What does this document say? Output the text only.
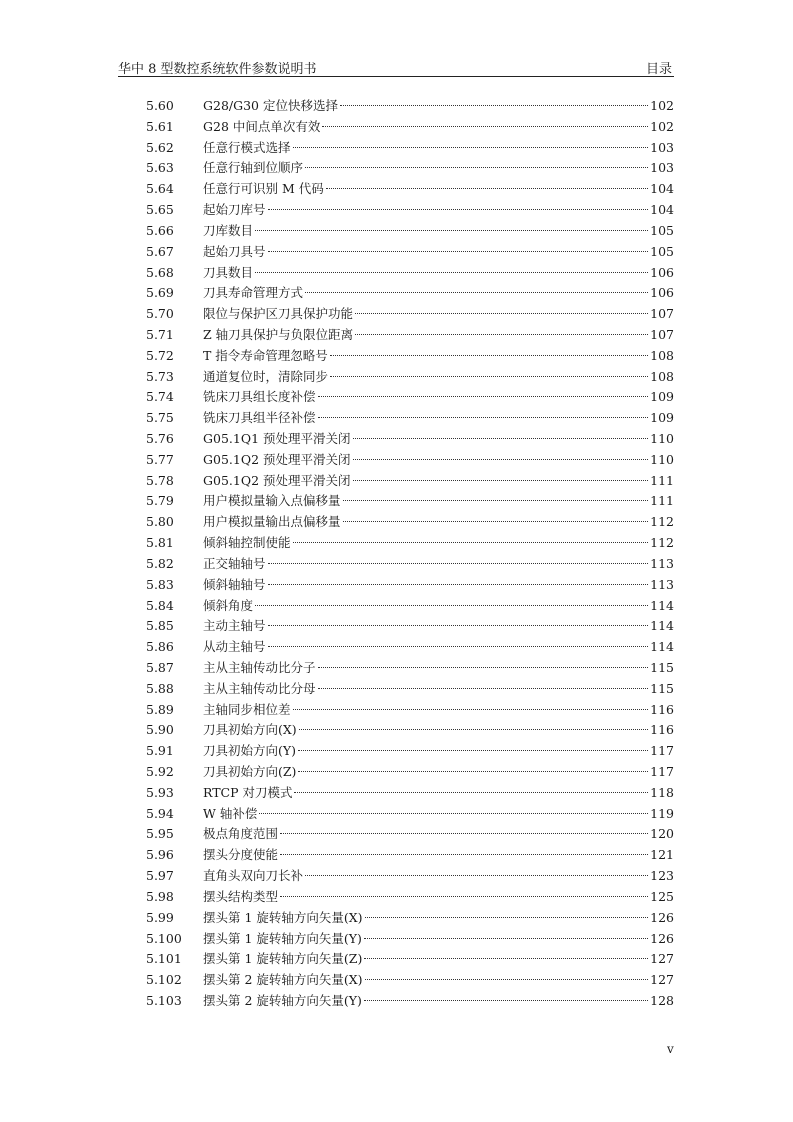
华中 8 型数控系统软件参数说明书	目录
5.60	G28/G30 定位快移选择	102
5.61	G28 中间点单次有效	102
5.62	任意行模式选择	103
5.63	任意行轴到位顺序	103
5.64	任意行可识别 M 代码	104
5.65	起始刀库号	104
5.66	刀库数目	105
5.67	起始刀具号	105
5.68	刀具数目	106
5.69	刀具寿命管理方式	106
5.70	限位与保护区刀具保护功能	107
5.71	Z 轴刀具保护与负限位距离	107
5.72	T 指令寿命管理忽略号	108
5.73	通道复位时，清除同步	108
5.74	铣床刀具组长度补偿	109
5.75	铣床刀具组半径补偿	109
5.76	G05.1Q1 预处理平滑关闭	110
5.77	G05.1Q2 预处理平滑关闭	110
5.78	G05.1Q2 预处理平滑关闭	111
5.79	用户模拟量输入点偏移量	111
5.80	用户模拟量输出点偏移量	112
5.81	倾斜轴控制使能	112
5.82	正交轴轴号	113
5.83	倾斜轴轴号	113
5.84	倾斜角度	114
5.85	主动主轴号	114
5.86	从动主轴号	114
5.87	主从主轴传动比分子	115
5.88	主从主轴传动比分母	115
5.89	主轴同步相位差	116
5.90	刀具初始方向(X)	116
5.91	刀具初始方向(Y)	117
5.92	刀具初始方向(Z)	117
5.93	RTCP 对刀模式	118
5.94	W 轴补偿	119
5.95	极点角度范围	120
5.96	摆头分度使能	121
5.97	直角头双向刀长补	123
5.98	摆头结构类型	125
5.99	摆头第 1 旋转轴方向矢量(X)	126
5.100	摆头第 1 旋转轴方向矢量(Y)	126
5.101	摆头第 1 旋转轴方向矢量(Z)	127
5.102	摆头第 2 旋转轴方向矢量(X)	127
5.103	摆头第 2 旋转轴方向矢量(Y)	128
v
